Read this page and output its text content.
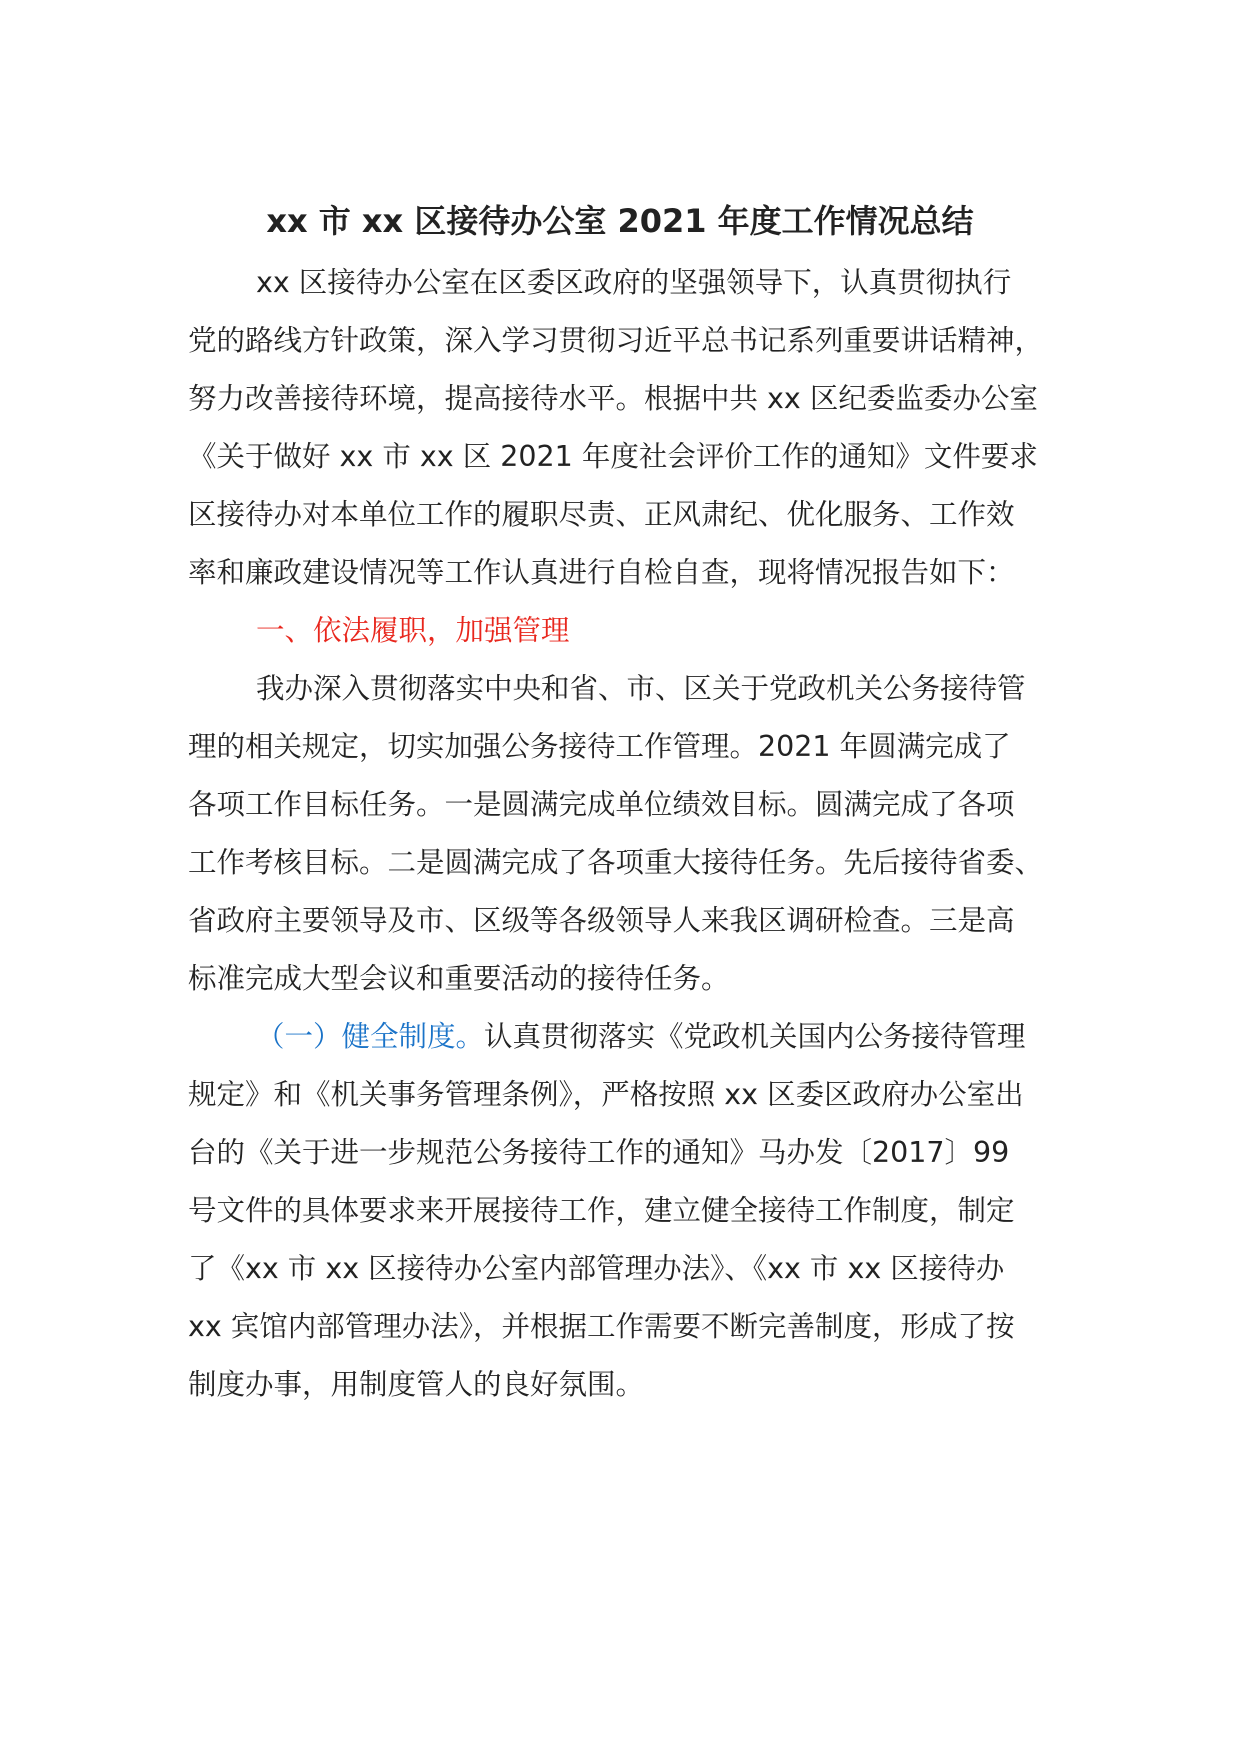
xx 市 xx 区接待办公室 2021 年度工作情况总结

xx 区接待办公室在区委区政府的坚强领导下，认真贯彻执行

党的路线方针政策，深入学习贯彻习近平总书记系列重要讲话精神，

努力改善接待环境，提高接待水平。根据中共 xx 区纪委监委办公室

《关于做好 xx 市 xx 区 2021 年度社会评价工作的通知》文件要求

区接待办对本单位工作的履职尽责、正风肃纪、优化服务、工作效

率和廉政建设情况等工作认真进行自检自查，现将情况报告如下：

一、依法履职，加强管理

我办深入贯彻落实中央和省、市、区关于党政机关公务接待管

理的相关规定，切实加强公务接待工作管理。2021 年圆满完成了

各项工作目标任务。一是圆满完成单位绩效目标。圆满完成了各项

工作考核目标。二是圆满完成了各项重大接待任务。先后接待省委、

省政府主要领导及市、区级等各级领导人来我区调研检查。三是高

标准完成大型会议和重要活动的接待任务。

（一）健全制度。认真贯彻落实《党政机关国内公务接待管理

规定》和《机关事务管理条例》，严格按照 xx 区委区政府办公室出

台的《关于进一步规范公务接待工作的通知》马办发〔2017〕99

号文件的具体要求来开展接待工作，建立健全接待工作制度，制定

了《xx 市 xx 区接待办公室内部管理办法》、《xx 市 xx 区接待办

xx 宾馆内部管理办法》，并根据工作需要不断完善制度，形成了按

制度办事，用制度管人的良好氛围。
